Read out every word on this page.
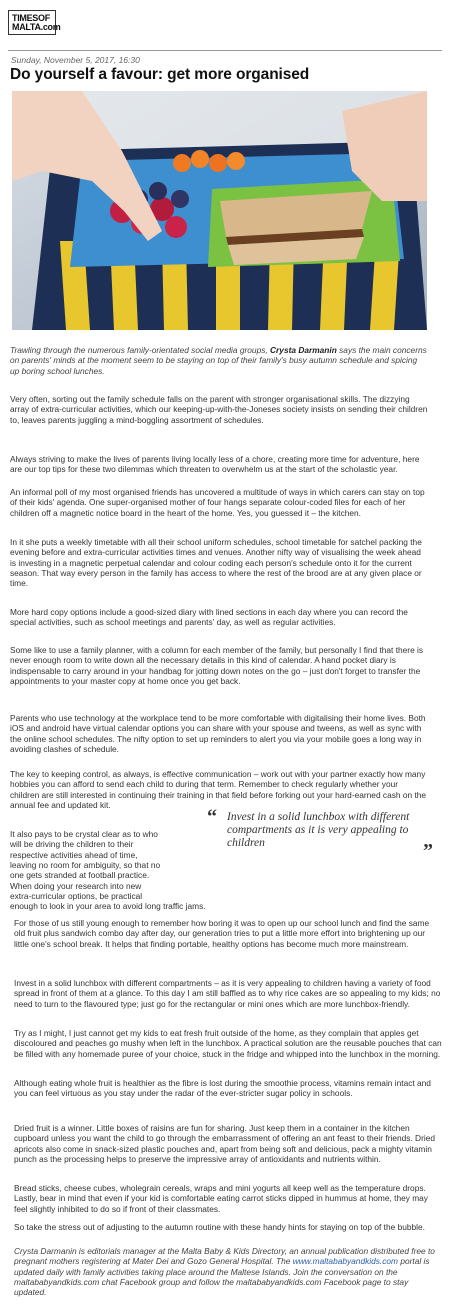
TIMESOF
MALTA.com
Sunday, November 5, 2017, 16:30
Do yourself a favour: get more organised

Trawling through the numerous family-orientated social media groups, Crysta Darmanin says the main concerns on parents' minds at the moment seem to be staying on top of their family's busy autumn schedule and spicing up boring school lunches.

Very often, sorting out the family schedule falls on the parent with stronger organisational skills. The dizzying array of extra-curricular activities, which our keeping-up-with-the-Joneses society insists on sending their children to, leaves parents juggling a mind-boggling assortment of schedules.

Always striving to make the lives of parents living locally less of a chore, creating more time for adventure, here are our top tips for these two dilemmas which threaten to overwhelm us at the start of the scholastic year.

An informal poll of my most organised friends has uncovered a multitude of ways in which carers can stay on top of their kids' agenda. One super-organised mother of four hangs separate colour-coded files for each of her children off a magnetic notice board in the heart of the home. Yes, you guessed it – the kitchen.

In it she puts a weekly timetable with all their school uniform schedules, school timetable for satchel packing the evening before and extra-curricular activities times and venues. Another nifty way of visualising the week ahead is investing in a magnetic perpetual calendar and colour coding each person's schedule onto it for the current season. That way every person in the family has access to where the rest of the brood are at any given place or time.

More hard copy options include a good-sized diary with lined sections in each day where you can record the special activities, such as school meetings and parents' day, as well as regular activities.

Some like to use a family planner, with a column for each member of the family, but personally I find that there is never enough room to write down all the necessary details in this kind of calendar. A hand pocket diary is indispensable to carry around in your handbag for jotting down notes on the go – just don't forget to transfer the appointments to your master copy at home once you get back.

Parents who use technology at the workplace tend to be more comfortable with digitalising their home lives. Both iOS and android have virtual calendar options you can share with your spouse and tweens, as well as sync with the online school schedules. The nifty option to set up reminders to alert you via your mobile goes a long way in avoiding clashes of schedule.

The key to keeping control, as always, is effective communication – work out with your partner exactly how many hobbies you can afford to send each child to during that term. Remember to check regularly whether your children are still interested in continuing their training in that field before forking out your hard-earned cash on the annual fee and updated kit.

It also pays to be crystal clear as to who
will be driving the children to their
respective activities ahead of time,
leaving no room for ambiguity, so that no
one gets stranded at football practice.
When doing your research into new
extra-curricular options, be practical
enough to look in your area to avoid long traffic jams.
“ Invest in a solid lunchbox with different compartments as it is very appealing to children	”

For those of us still young enough to remember how boring it was to open up our school lunch and find the same old fruit plus sandwich combo day after day, our generation tries to put a little more effort into brightening up our little one's school break. It helps that finding portable, healthy options has become much more mainstream.

Invest in a solid lunchbox with different compartments – as it is very appealing to children having a variety of food spread in front of them at a glance. To this day I am still baffled as to why rice cakes are so appealing to my kids; no need to turn to the flavoured type; just go for the rectangular or mini ones which are more lunchbox-friendly.

Try as I might, I just cannot get my kids to eat fresh fruit outside of the home, as they complain that apples get discoloured and peaches go mushy when left in the lunchbox. A practical solution are the reusable pouches that can be filled with any homemade puree of your choice, stuck in the fridge and whipped into the lunchbox in the morning.

Although eating whole fruit is healthier as the fibre is lost during the smoothie process, vitamins remain intact and you can feel virtuous as you stay under the radar of the ever-stricter sugar policy in schools.

Dried fruit is a winner. Little boxes of raisins are fun for sharing. Just keep them in a container in the kitchen cupboard unless you want the child to go through the embarrassment of offering an ant feast to their friends. Dried apricots also come in snack-sized plastic pouches and, apart from being soft and delicious, pack a mighty vitamin punch as the processing helps to preserve the impressive array of antioxidants and nutrients within.

Bread sticks, cheese cubes, wholegrain cereals, wraps and mini yogurts all keep well as the temperature drops. Lastly, bear in mind that even if your kid is comfortable eating carrot sticks dipped in hummus at home, they may feel slightly inhibited to do so if front of their classmates.

So take the stress out of adjusting to the autumn routine with these handy hints for staying on top of the bubble.

Crysta Darmanin is editorials manager at the Malta Baby & Kids Directory, an annual publication distributed free to pregnant mothers registering at Mater Dei and Gozo General Hospital. The www.maltababyandkids.com portal is updated daily with family activities taking place around the Maltese Islands. Join the conversation on the maltababyandkids.com chat Facebook group and follow the maltababyandkids.com Facebook page to stay updated.
